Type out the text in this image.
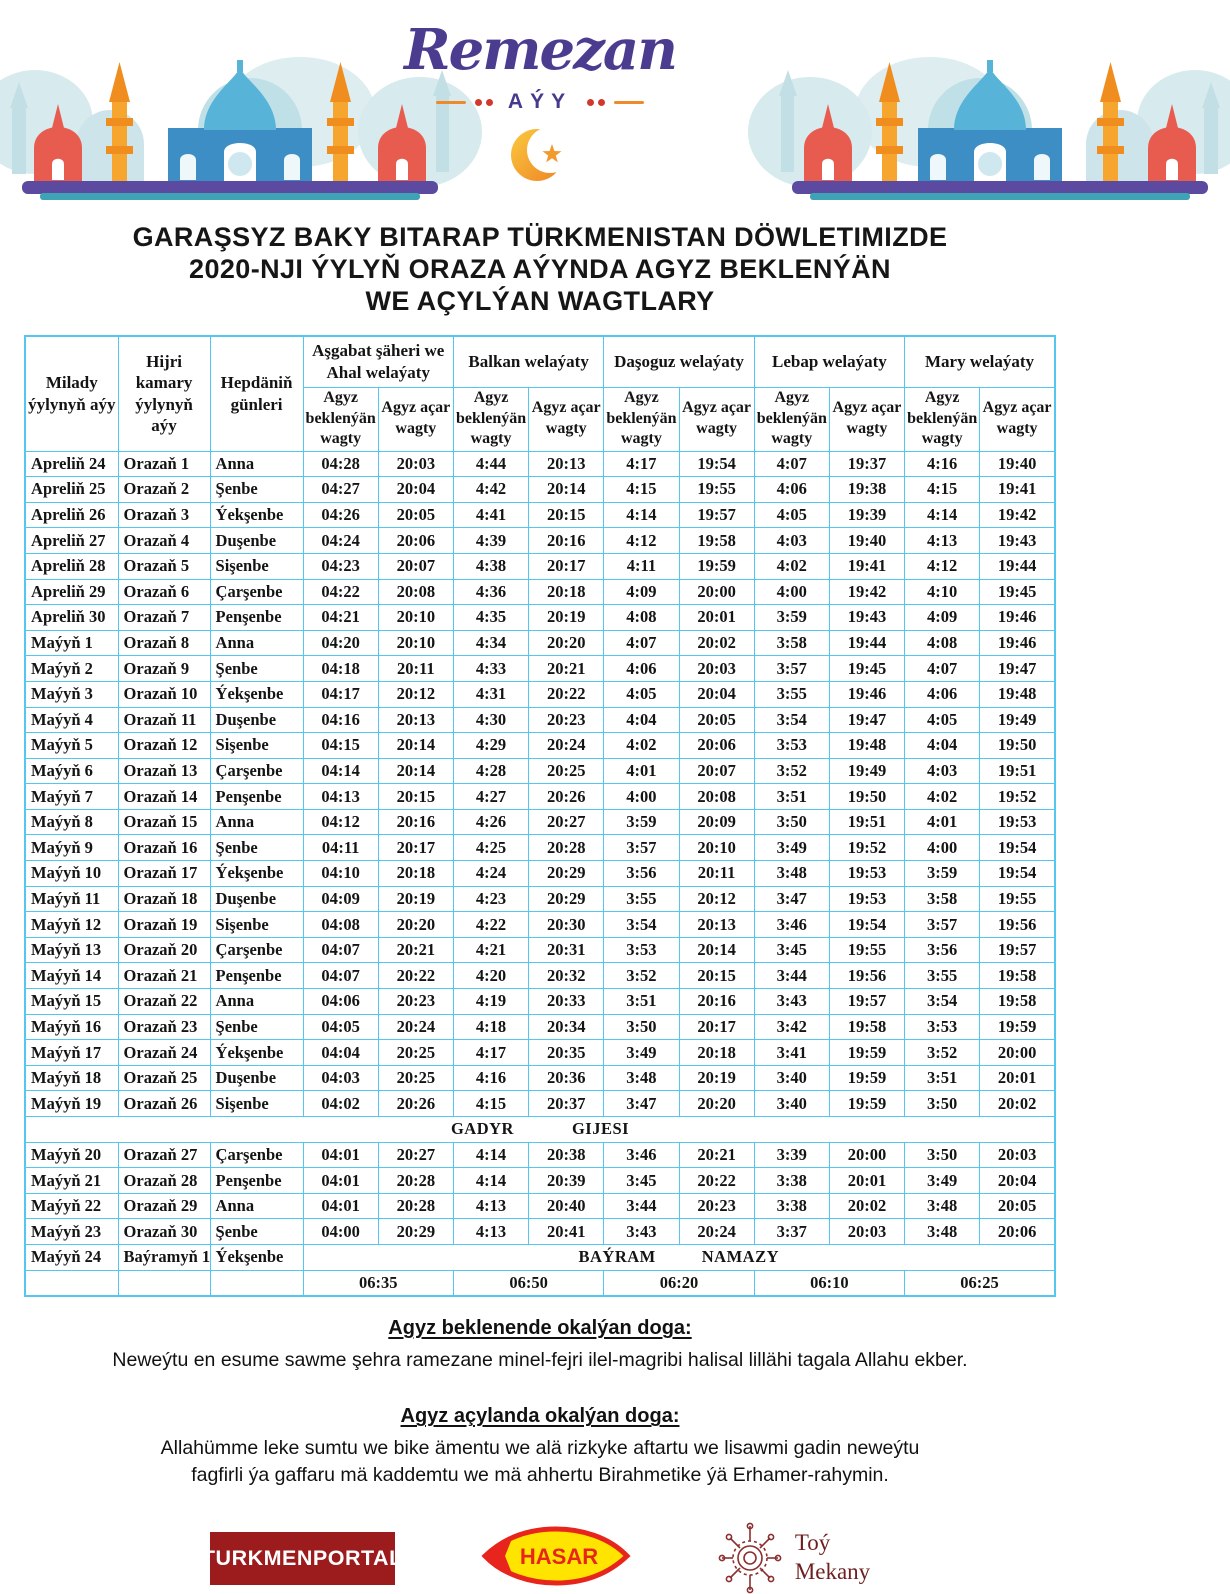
Remezan
AÝY
GARAŞSYZ BAKY BITARAP TÜRKMENISTAN DÖWLETIMIZDE
2020-NJI ÝYLYŇ ORAZA AÝYNDA AGYZ BEKLENÝÄN
WE AÇYLÝAN WAGTLARY
Milady ýylynyň aýy	Hijri kamary ýylynyň aýy	Hepdäniň günleri	Aşgabat şäheri we Ahal welaýaty		Balkan welaýaty		Daşoguz welaýaty		Lebap welaýaty		Mary welaýaty	
			Agyz beklenýän wagty	Agyz açar wagty	Agyz beklenýän wagty	Agyz açar wagty	Agyz beklenýän wagty	Agyz açar wagty	Agyz beklenýän wagty	Agyz açar wagty	Agyz beklenýän wagty	Agyz açar wagty
Apreliň 24	Orazaň 1	Anna	04:28	20:03	4:44	20:13	4:17	19:54	4:07	19:37	4:16	19:40
Apreliň 25	Orazaň 2	Şenbe	04:27	20:04	4:42	20:14	4:15	19:55	4:06	19:38	4:15	19:41
Apreliň 26	Orazaň 3	Ýekşenbe	04:26	20:05	4:41	20:15	4:14	19:57	4:05	19:39	4:14	19:42
Apreliň 27	Orazaň 4	Duşenbe	04:24	20:06	4:39	20:16	4:12	19:58	4:03	19:40	4:13	19:43
Apreliň 28	Orazaň 5	Sişenbe	04:23	20:07	4:38	20:17	4:11	19:59	4:02	19:41	4:12	19:44
Apreliň 29	Orazaň 6	Çarşenbe	04:22	20:08	4:36	20:18	4:09	20:00	4:00	19:42	4:10	19:45
Apreliň 30	Orazaň 7	Penşenbe	04:21	20:10	4:35	20:19	4:08	20:01	3:59	19:43	4:09	19:46
Maýyň 1	Orazaň 8	Anna	04:20	20:10	4:34	20:20	4:07	20:02	3:58	19:44	4:08	19:46
Maýyň 2	Orazaň 9	Şenbe	04:18	20:11	4:33	20:21	4:06	20:03	3:57	19:45	4:07	19:47
Maýyň 3	Orazaň 10	Ýekşenbe	04:17	20:12	4:31	20:22	4:05	20:04	3:55	19:46	4:06	19:48
Maýyň 4	Orazaň 11	Duşenbe	04:16	20:13	4:30	20:23	4:04	20:05	3:54	19:47	4:05	19:49
Maýyň 5	Orazaň 12	Sişenbe	04:15	20:14	4:29	20:24	4:02	20:06	3:53	19:48	4:04	19:50
Maýyň 6	Orazaň 13	Çarşenbe	04:14	20:14	4:28	20:25	4:01	20:07	3:52	19:49	4:03	19:51
Maýyň 7	Orazaň 14	Penşenbe	04:13	20:15	4:27	20:26	4:00	20:08	3:51	19:50	4:02	19:52
Maýyň 8	Orazaň 15	Anna	04:12	20:16	4:26	20:27	3:59	20:09	3:50	19:51	4:01	19:53
Maýyň 9	Orazaň 16	Şenbe	04:11	20:17	4:25	20:28	3:57	20:10	3:49	19:52	4:00	19:54
Maýyň 10	Orazaň 17	Ýekşenbe	04:10	20:18	4:24	20:29	3:56	20:11	3:48	19:53	3:59	19:54
Maýyň 11	Orazaň 18	Duşenbe	04:09	20:19	4:23	20:29	3:55	20:12	3:47	19:53	3:58	19:55
Maýyň 12	Orazaň 19	Sişenbe	04:08	20:20	4:22	20:30	3:54	20:13	3:46	19:54	3:57	19:56
Maýyň 13	Orazaň 20	Çarşenbe	04:07	20:21	4:21	20:31	3:53	20:14	3:45	19:55	3:56	19:57
Maýyň 14	Orazaň 21	Penşenbe	04:07	20:22	4:20	20:32	3:52	20:15	3:44	19:56	3:55	19:58
Maýyň 15	Orazaň 22	Anna	04:06	20:23	4:19	20:33	3:51	20:16	3:43	19:57	3:54	19:58
Maýyň 16	Orazaň 23	Şenbe	04:05	20:24	4:18	20:34	3:50	20:17	3:42	19:58	3:53	19:59
Maýyň 17	Orazaň 24	Ýekşenbe	04:04	20:25	4:17	20:35	3:49	20:18	3:41	19:59	3:52	20:00
Maýyň 18	Orazaň 25	Duşenbe	04:03	20:25	4:16	20:36	3:48	20:19	3:40	19:59	3:51	20:01
Maýyň 19	Orazaň 26	Sişenbe	04:02	20:26	4:15	20:37	3:47	20:20	3:40	19:59	3:50	20:02
GADYR GIJESI												
Maýyň 20	Orazaň 27	Çarşenbe	04:01	20:27	4:14	20:38	3:46	20:21	3:39	20:00	3:50	20:03
Maýyň 21	Orazaň 28	Penşenbe	04:01	20:28	4:14	20:39	3:45	20:22	3:38	20:01	3:49	20:04
Maýyň 22	Orazaň 29	Anna	04:01	20:28	4:13	20:40	3:44	20:23	3:38	20:02	3:48	20:05
Maýyň 23	Orazaň 30	Şenbe	04:00	20:29	4:13	20:41	3:43	20:24	3:37	20:03	3:48	20:06
Maýyň 24	Baýramyň 1	Ýekşenbe	BAÝRAM NAMAZY									
			06:35		06:50		06:20		06:10		06:25	

Agyz beklenende okalýan doga:

Neweýtu en esume sawme şehra ramezane minel-fejri ilel-magribi halisal lillähi tagala Allahu ekber.

Agyz açylanda okalýan doga:

Allahümme leke sumtu we bike ämentu we alä rizkyke aftartu we lisawmi gadin neweýtu

fagfirli ýa gaffaru mä kaddemtu we mä ahhertu Birahmetike ýä Erhamer-rahymin.

TURKMENPORTAL	HASAR
Toý
Mekany
